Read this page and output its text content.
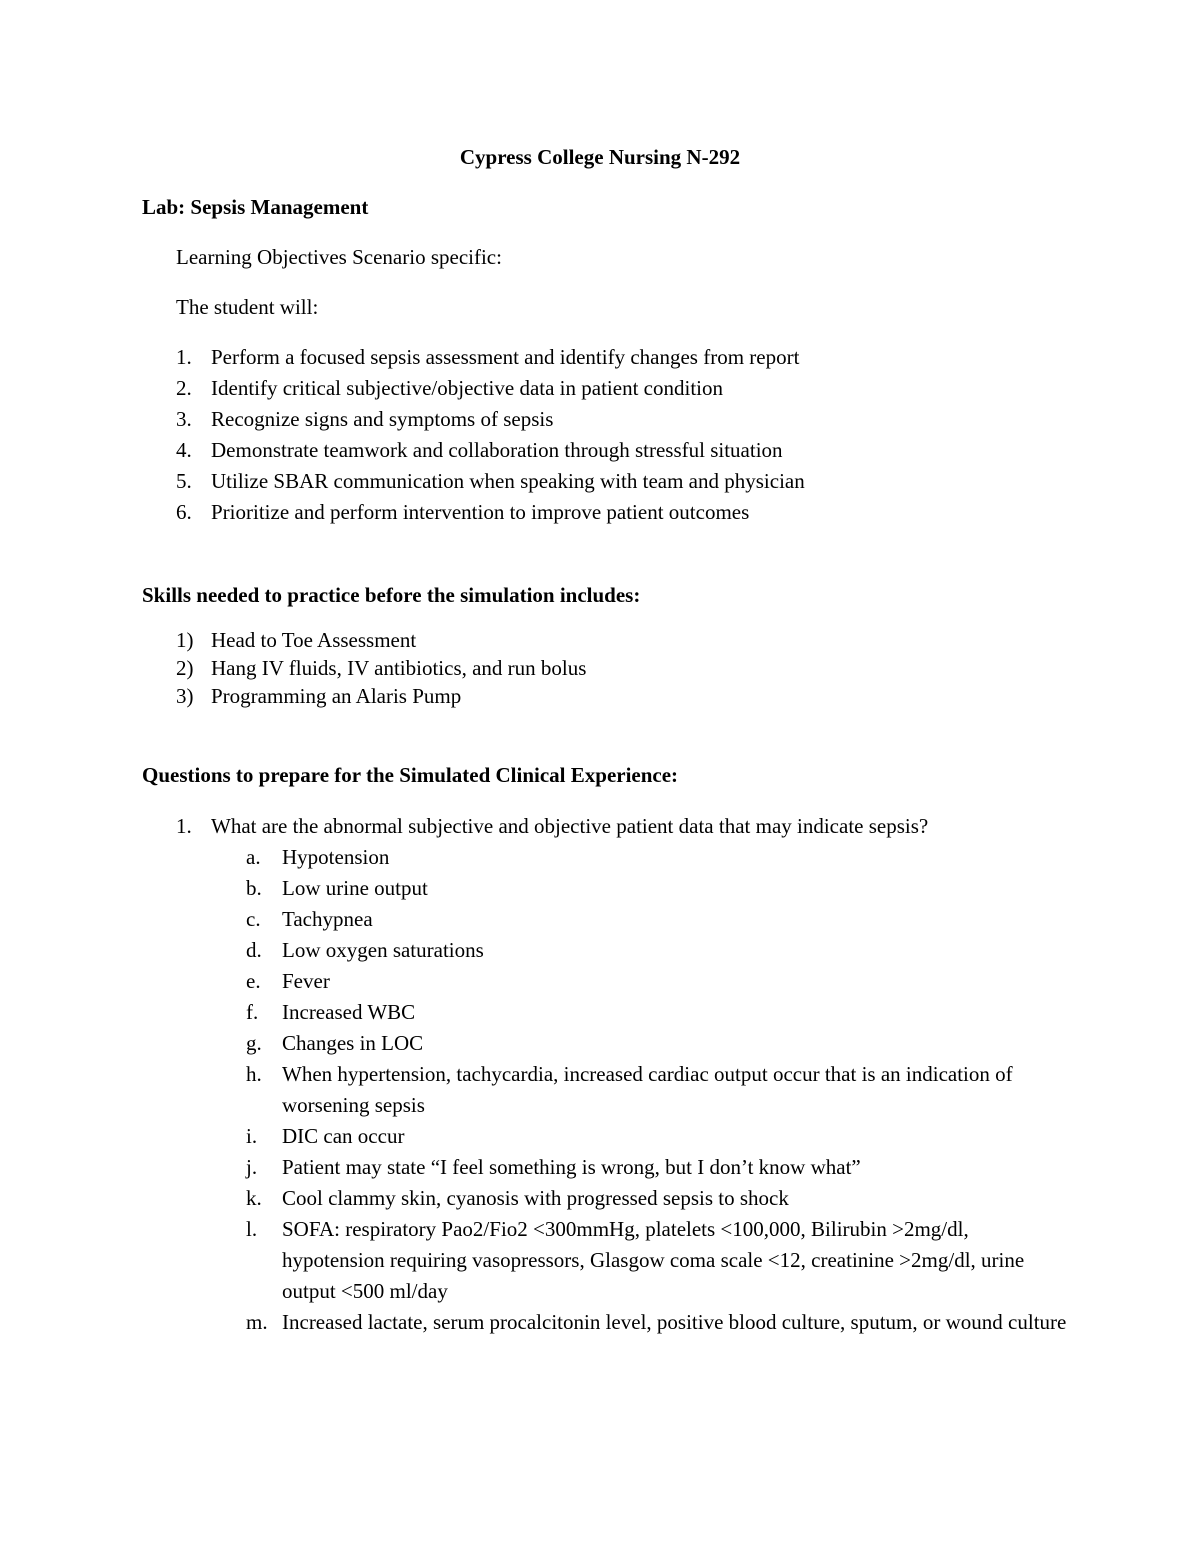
Cypress College Nursing N-292
Lab: Sepsis Management
Learning Objectives Scenario specific:
The student will:
1. Perform a focused sepsis assessment and identify changes from report
2. Identify critical subjective/objective data in patient condition
3. Recognize signs and symptoms of sepsis
4. Demonstrate teamwork and collaboration through stressful situation
5. Utilize SBAR communication when speaking with team and physician
6. Prioritize and perform intervention to improve patient outcomes
Skills needed to practice before the simulation includes:
1) Head to Toe Assessment
2) Hang IV fluids, IV antibiotics, and run bolus
3) Programming an Alaris Pump
Questions to prepare for the Simulated Clinical Experience:
1. What are the abnormal subjective and objective patient data that may indicate sepsis?
a.	Hypotension
b. Low urine output
c.	Tachypnea
d. Low oxygen saturations
e.	Fever
f.	Increased WBC
g. Changes in LOC
h. When hypertension, tachycardia, increased cardiac output occur that is an indication of worsening sepsis
i.	DIC can occur
j.	Patient may state “I feel something is wrong, but I don’t know what”
k. Cool clammy skin, cyanosis with progressed sepsis to shock
l.	SOFA: respiratory Pao2/Fio2 <300mmHg, platelets <100,000, Bilirubin >2mg/dl, hypotension requiring vasopressors, Glasgow coma scale <12, creatinine >2mg/dl, urine output <500 ml/day
m. Increased lactate, serum procalcitonin level, positive blood culture, sputum, or wound culture
